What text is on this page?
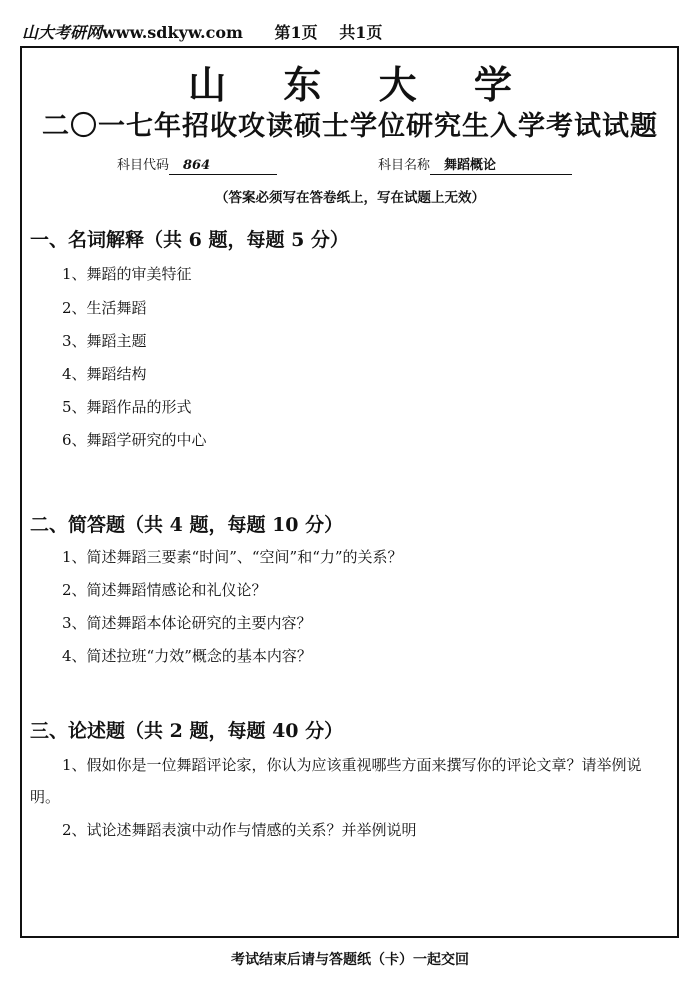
山大考研网www.sdkyw.com 第1页 共1页
山 东 大 学
二〇一七年招收攻读硕士学位研究生入学考试试题
科目代码 864	科目名称 舞蹈概论
（答案必须写在答卷纸上，写在试题上无效）
一、名词解释（共 6 题，每题 5 分）
1、舞蹈的审美特征
2、生活舞蹈
3、舞蹈主题
4、舞蹈结构
5、舞蹈作品的形式
6、舞蹈学研究的中心
二、简答题（共 4 题，每题 10 分）
1、简述舞蹈三要素“时间”、“空间”和“力”的关系？
2、简述舞蹈情感论和礼仪论？
3、简述舞蹈本体论研究的主要内容？
4、简述拉班“力效”概念的基本内容？
三、论述题（共 2 题，每题 40 分）
1、假如你是一位舞蹈评论家，你认为应该重视哪些方面来撰写你的评论文章？请举例说明。
2、试论述舞蹈表演中动作与情感的关系？并举例说明
考试结束后请与答题纸（卡）一起交回
